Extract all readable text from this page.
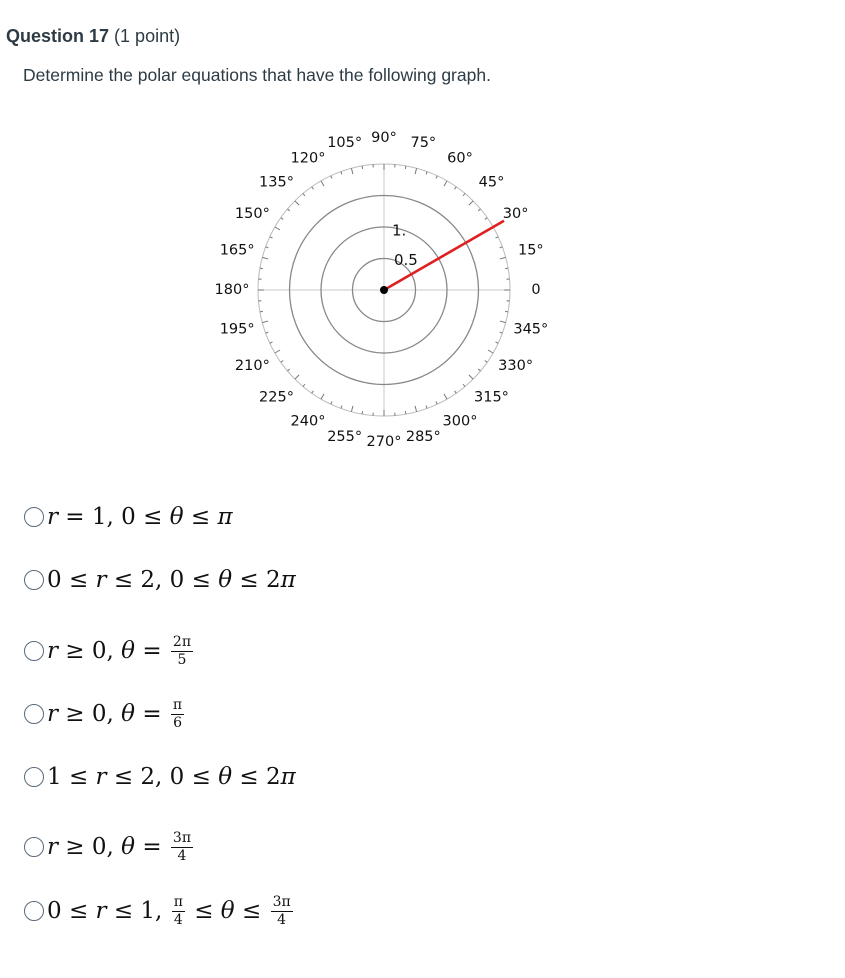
Question 17 (1 point)
Determine the polar equations that have the following graph.
0.5
1.
0
15°
30°
45°
60°
75°
90°
105°
120°
135°
150°
165°
180°
195°
210°
225°
240°
255° 270° 285°
300°
315°
330°
345°
r = 1, 0 ≤ θ ≤ π
0 ≤ r ≤ 2, 0 ≤ θ ≤ 2 π
r ≥ 0, $\theta = \frac{2\pi}{5}$
r ≥ 0, $\theta = \frac{\pi}{6}$
1 ≤ r ≤ 2, 0 ≤ θ ≤ 2 π
r ≥ 0, $\theta = \frac{3\pi}{4}$
0 ≤ r ≤ 1, $\frac{\pi}{4} \le \theta \le \frac{3\pi}{4}$
